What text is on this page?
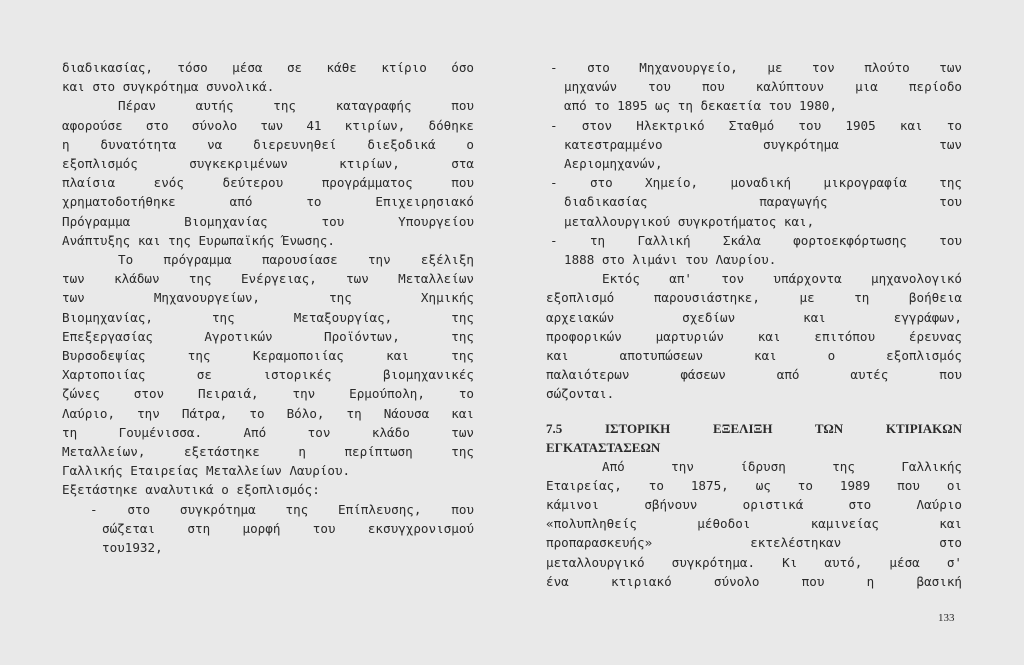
διαδικασίας, τόσο μέσα σε κάθε κτίριο όσο
και στο συγκρότημα συνολικά.
Πέραν αυτής της καταγραφής που
αφορούσε στο σύνολο των 41 κτιρίων, δόθηκε
η δυνατότητα να διερευνηθεί διεξοδικά ο
εξοπλισμός συγκεκριμένων κτιρίων, στα
πλαίσια ενός δεύτερου προγράμματος που
χρηματοδοτήθηκε από το Επιχειρησιακό
Πρόγραμμα Βιομηχανίας του Υπουργείου
Ανάπτυξης και της Ευρωπαϊκής Ένωσης.
Το πρόγραμμα παρουσίασε την εξέλιξη
των κλάδων της Ενέργειας, των Μεταλλείων
των Μηχανουργείων, της Χημικής
Βιομηχανίας, της Μεταξουργίας, της
Επεξεργασίας Αγροτικών Προϊόντων, της
Βυρσοδεψίας της Κεραμοποιίας και της
Χαρτοποιίας σε ιστορικές βιομηχανικές
ζώνες στον Πειραιά, την Ερμούπολη, το
Λαύριο, την Πάτρα, το Βόλο, τη Νάουσα και
τη Γουμένισσα. Από τον κλάδο των
Μεταλλείων, εξετάστηκε η περίπτωση της
Γαλλικής Εταιρείας Μεταλλείων Λαυρίου.
Εξετάστηκε αναλυτικά ο εξοπλισμός:
- στο συγκρότημα της Επίπλευσης, που
σώζεται στη μορφή του εκσυγχρονισμού
του1932,
- στο Μηχανουργείο, με τον πλούτο των
μηχανών του που καλύπτουν μια περίοδο
από το 1895 ως τη δεκαετία του 1980,
- στον Ηλεκτρικό Σταθμό του 1905 και το
κατεστραμμένο συγκρότημα των
Αεριομηχανών,
- στο Χημείο, μοναδική μικρογραφία της
διαδικασίας παραγωγής του
μεταλλουργικού συγκροτήματος και,
- τη Γαλλική Σκάλα φορτοεκφόρτωσης του
1888 στο λιμάνι του Λαυρίου.
Εκτός απ' τον υπάρχοντα μηχανολογικό
εξοπλισμό παρουσιάστηκε, με τη βοήθεια
αρχειακών σχεδίων και εγγράφων,
προφορικών μαρτυριών και επιτόπου έρευνας
και αποτυπώσεων και ο εξοπλισμός
παλαιότερων φάσεων από αυτές που
σώζονται.
7.5 ΙΣΤΟΡΙΚΗ ΕΞΕΛΙΞΗ ΤΩΝ ΚΤΙΡΙΑΚΩΝ
ΕΓΚΑΤΑΣΤΑΣΕΩΝ
Από την ίδρυση της Γαλλικής
Εταιρείας, το 1875, ως το 1989 που οι
κάμινοι σβήνουν οριστικά στο Λαύριο
«πολυπληθείς μέθοδοι καμινείας και
προπαρασκευής» εκτελέστηκαν στο
μεταλλουργικό συγκρότημα. Κι αυτό, μέσα σ'
ένα κτιριακό σύνολο που η βασική
133
